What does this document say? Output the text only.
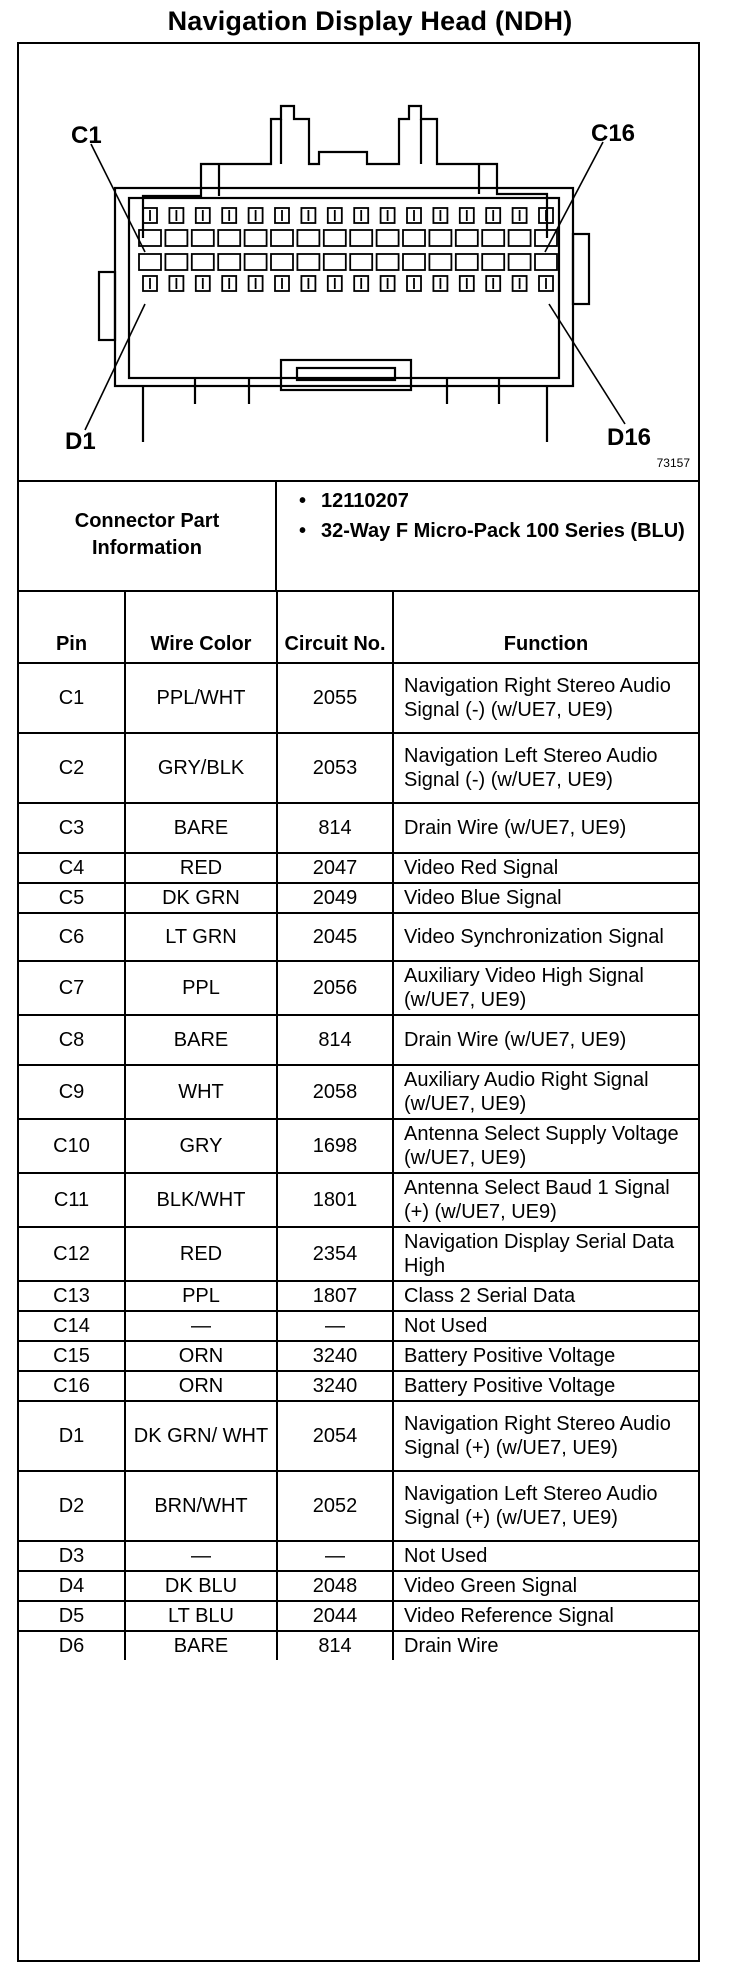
Navigation Display Head (NDH)
C1	C16
D1	D16
73157
Connector Part Information
• 12110207
• 32-Way F Micro-Pack 100 Series (BLU)
Pin	Wire Color	Circuit No.	Function
C1	PPL/WHT	2055	Navigation Right Stereo Audio Signal (-) (w/UE7, UE9)
C2	GRY/BLK	2053	Navigation Left Stereo Audio Signal (-) (w/UE7, UE9)
C3	BARE	814	Drain Wire (w/UE7, UE9)
C4	RED	2047	Video Red Signal
C5	DK GRN	2049	Video Blue Signal
C6	LT GRN	2045	Video Synchronization Signal
C7	PPL	2056	Auxiliary Video High Signal (w/UE7, UE9)
C8	BARE	814	Drain Wire (w/UE7, UE9)
C9	WHT	2058	Auxiliary Audio Right Signal (w/UE7, UE9)
C10	GRY	1698	Antenna Select Supply Voltage (w/UE7, UE9)
C11	BLK/WHT	1801	Antenna Select Baud 1 Signal (+) (w/UE7, UE9)
C12	RED	2354	Navigation Display Serial Data High
C13	PPL	1807	Class 2 Serial Data
C14	—	—	Not Used
C15	ORN	3240	Battery Positive Voltage
C16	ORN	3240	Battery Positive Voltage
D1	DK GRN/ WHT	2054	Navigation Right Stereo Audio Signal (+) (w/UE7, UE9)
D2	BRN/WHT	2052	Navigation Left Stereo Audio Signal (+) (w/UE7, UE9)
D3	—	—	Not Used
D4	DK BLU	2048	Video Green Signal
D5	LT BLU	2044	Video Reference Signal
D6	BARE	814	Drain Wire
